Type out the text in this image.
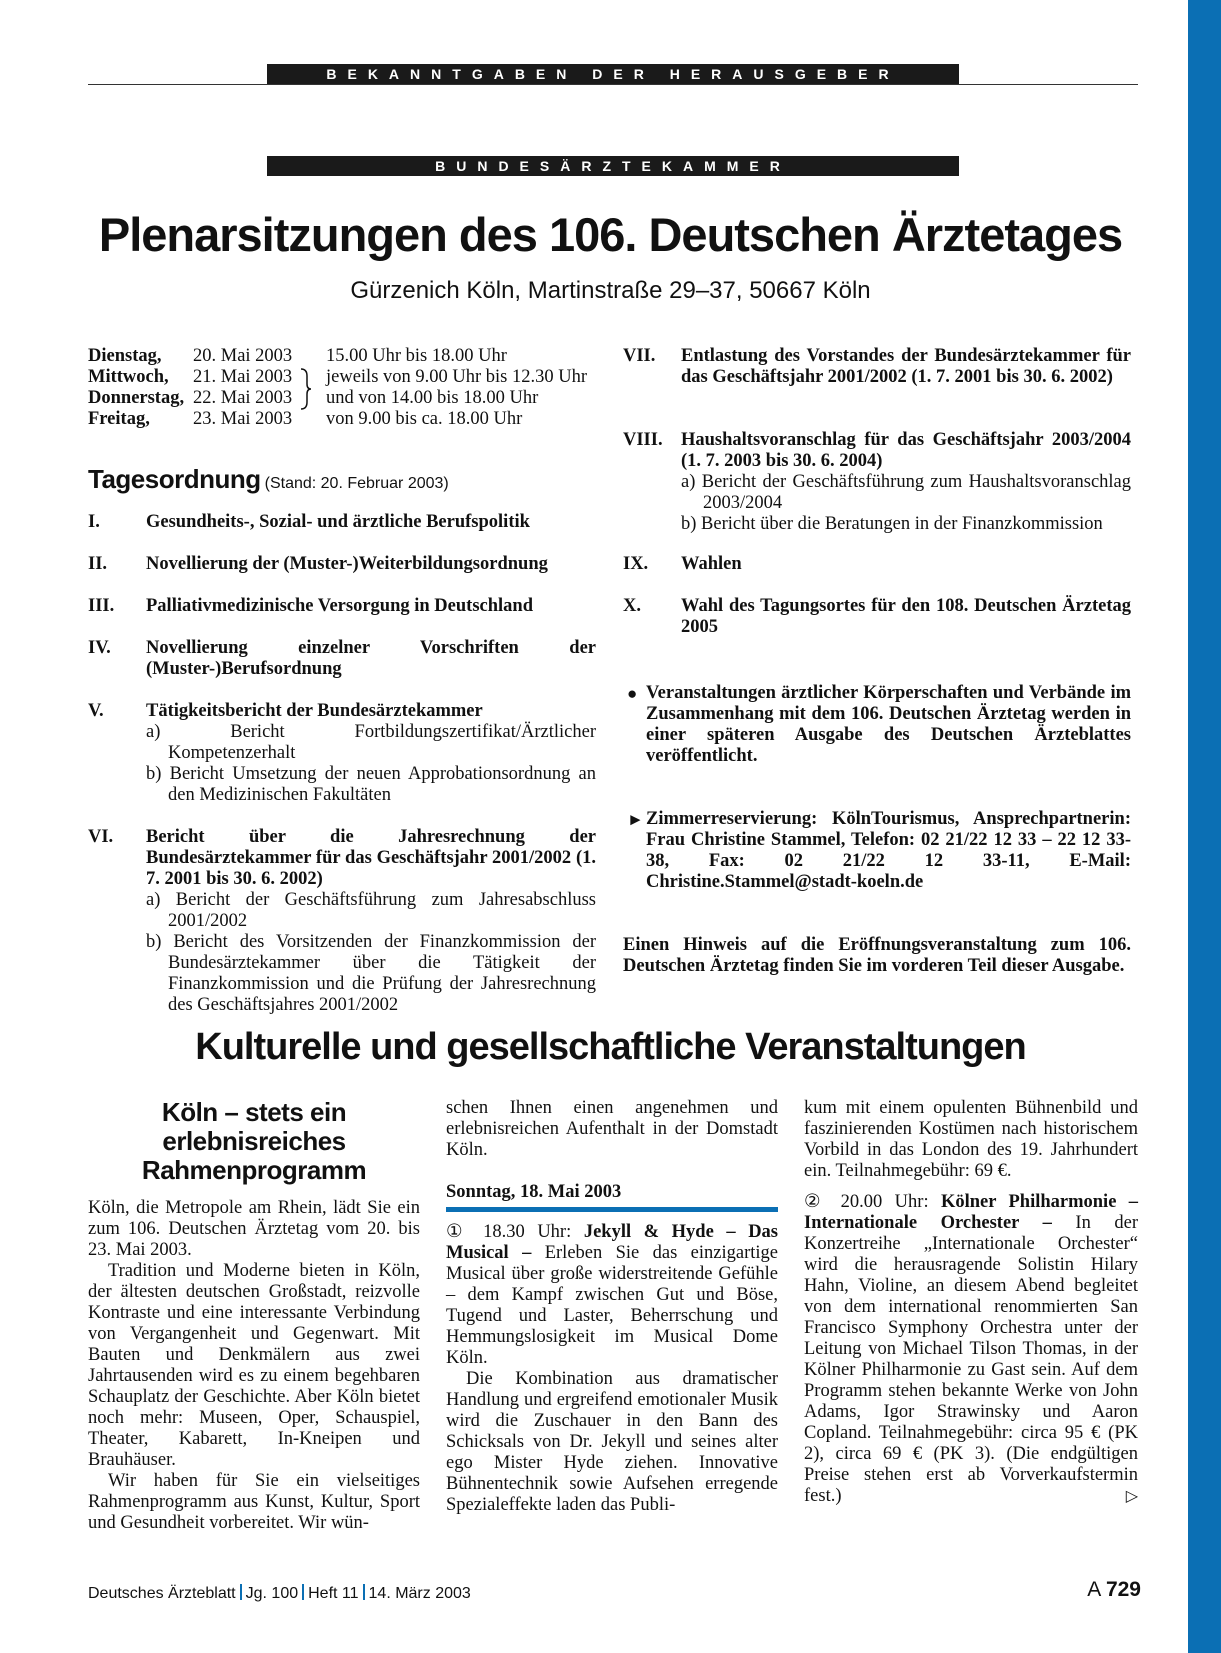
BEKANNTGABEN DER HERAUSGEBER
BUNDESÄRZTEKAMMER
Plenarsitzungen des 106. Deutschen Ärztetages
Gürzenich Köln, Martinstraße 29–37, 50667 Köln
Dienstag, 20. Mai 2003 15.00 Uhr bis 18.00 Uhr
Mittwoch, 21. Mai 2003 jeweils von 9.00 Uhr bis 12.30 Uhr
Donnerstag, 22. Mai 2003 und von 14.00 bis 18.00 Uhr
Freitag, 23. Mai 2003 von 9.00 bis ca. 18.00 Uhr
Tagesordnung (Stand: 20. Februar 2003)
I. Gesundheits-, Sozial- und ärztliche Berufspolitik
II. Novellierung der (Muster-)Weiterbildungsordnung
III. Palliativmedizinische Versorgung in Deutschland
IV. Novellierung einzelner Vorschriften der (Muster-)Berufsordnung
V. Tätigkeitsbericht der Bundesärztekammer
a) Bericht Fortbildungszertifikat/Ärztlicher Kompetenzerhalt
b) Bericht Umsetzung der neuen Approbationsordnung an den Medizinischen Fakultäten
VI. Bericht über die Jahresrechnung der Bundesärztekammer für das Geschäftsjahr 2001/2002 (1. 7. 2001 bis 30. 6. 2002)
a) Bericht der Geschäftsführung zum Jahresabschluss 2001/2002
b) Bericht des Vorsitzenden der Finanzkommission der Bundesärztekammer über die Tätigkeit der Finanzkommission und die Prüfung der Jahresrechnung des Geschäftsjahres 2001/2002
VII. Entlastung des Vorstandes der Bundesärztekammer für das Geschäftsjahr 2001/2002 (1. 7. 2001 bis 30. 6. 2002)
VIII. Haushaltsvoranschlag für das Geschäftsjahr 2003/2004 (1. 7. 2003 bis 30. 6. 2004)
a) Bericht der Geschäftsführung zum Haushaltsvoranschlag 2003/2004
b) Bericht über die Beratungen in der Finanzkommission
IX. Wahlen
X. Wahl des Tagungsortes für den 108. Deutschen Ärztetag 2005
● Veranstaltungen ärztlicher Körperschaften und Verbände im Zusammenhang mit dem 106. Deutschen Ärztetag werden in einer späteren Ausgabe des Deutschen Ärzteblattes veröffentlicht.
► Zimmerreservierung: KölnTourismus, Ansprechpartnerin: Frau Christine Stammel, Telefon: 02 21/22 12 33 – 22 12 33-38, Fax: 02 21/22 12 33-11, E-Mail: Christine.Stammel@stadt-koeln.de
Einen Hinweis auf die Eröffnungsveranstaltung zum 106. Deutschen Ärztetag finden Sie im vorderen Teil dieser Ausgabe.
Kulturelle und gesellschaftliche Veranstaltungen
Köln – stets ein erlebnisreiches Rahmenprogramm

Köln, die Metropole am Rhein, lädt Sie ein zum 106. Deutschen Ärztetag vom 20. bis 23. Mai 2003.

Tradition und Moderne bieten in Köln, der ältesten deutschen Großstadt, reizvolle Kontraste und eine interessante Verbindung von Vergangenheit und Gegenwart. Mit Bauten und Denkmälern aus zwei Jahrtausenden wird es zu einem begehbaren Schauplatz der Geschichte. Aber Köln bietet noch mehr: Museen, Oper, Schauspiel, Theater, Kabarett, In-Kneipen und Brauhäuser.

Wir haben für Sie ein vielseitiges Rahmenprogramm aus Kunst, Kultur, Sport und Gesundheit vorbereitet. Wir wün-

schen Ihnen einen angenehmen und erlebnisreichen Aufenthalt in der Domstadt Köln.

Sonntag, 18. Mai 2003

① 18.30 Uhr: Jekyll & Hyde – Das Musical – Erleben Sie das einzigartige Musical über große widerstreitende Gefühle – dem Kampf zwischen Gut und Böse, Tugend und Laster, Beherrschung und Hemmungslosigkeit im Musical Dome Köln.

Die Kombination aus dramatischer Handlung und ergreifend emotionaler Musik wird die Zuschauer in den Bann des Schicksals von Dr. Jekyll und seines alter ego Mister Hyde ziehen. Innovative Bühnentechnik sowie Aufsehen erregende Spezialeffekte laden das Publi-

kum mit einem opulenten Bühnenbild und faszinierenden Kostümen nach historischem Vorbild in das London des 19. Jahrhundert ein. Teilnahmegebühr: 69 €.

② 20.00 Uhr: Kölner Philharmonie – Internationale Orchester – In der Konzertreihe „Internationale Orchester“ wird die herausragende Solistin Hilary Hahn, Violine, an diesem Abend begleitet von dem international renommierten San Francisco Symphony Orchestra unter der Leitung von Michael Tilson Thomas, in der Kölner Philharmonie zu Gast sein. Auf dem Programm stehen bekannte Werke von John Adams, Igor Strawinsky und Aaron Copland. Teilnahmegebühr: circa 95 € (PK 2), circa 69 € (PK 3). (Die endgültigen Preise stehen erst ab Vorverkaufstermin fest.)	▷
Deutsches Ärzteblatt Jg. 100 Heft 11 14. März 2003	A 729
